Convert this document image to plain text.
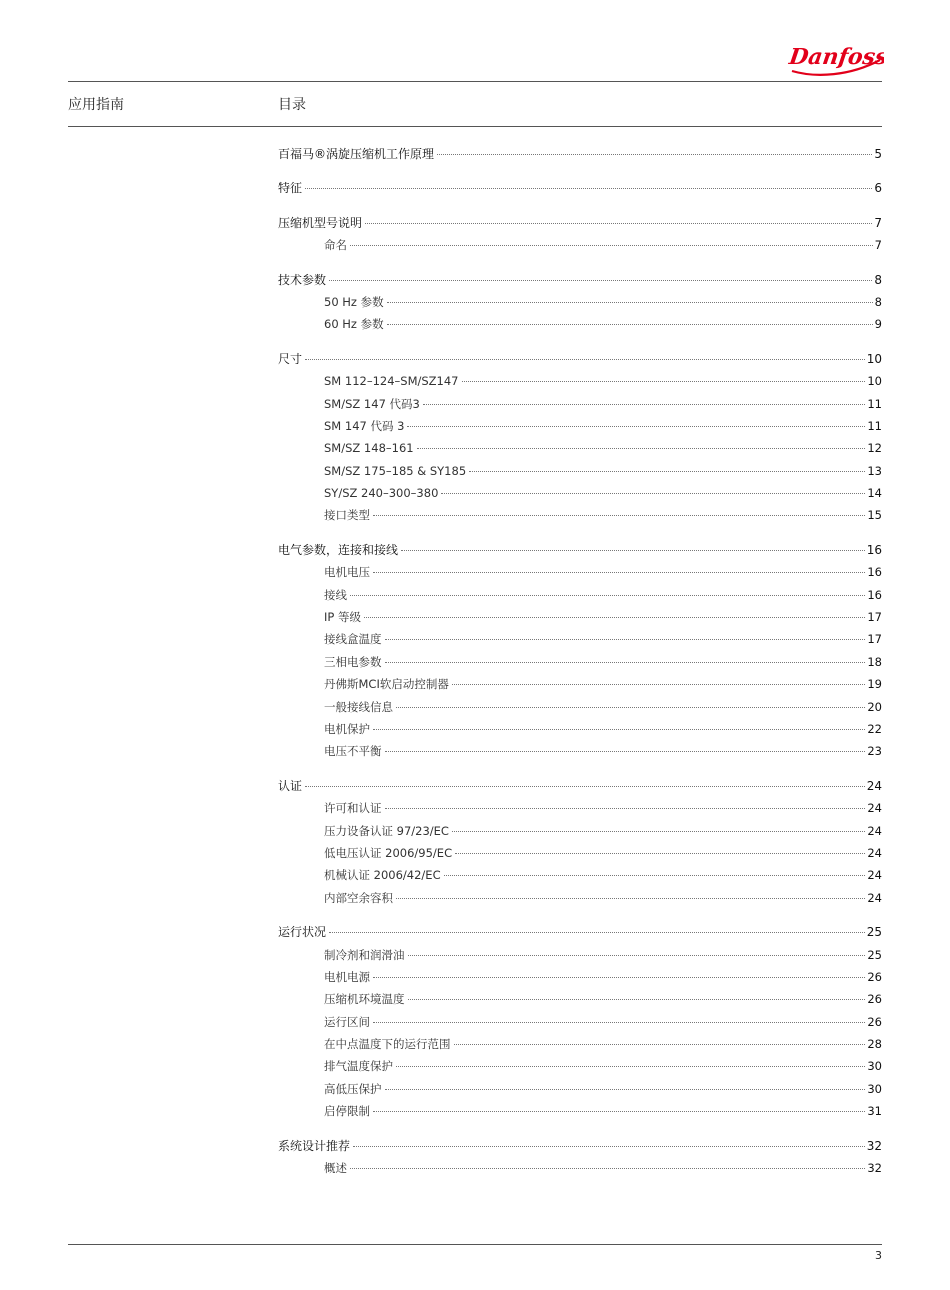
Danfoss
应用指南	目录
百福马®涡旋压缩机工作原理	5
特征	6
压缩机型号说明	7
命名	7
技术参数	8
50 Hz 参数	8
60 Hz 参数	9
尺寸	10
SM 112–124–SM/SZ147	10
SM/SZ 147 代码3	11
SM 147 代码 3	11
SM/SZ 148–161	12
SM/SZ 175–185 & SY185	13
SY/SZ 240–300–380	14
接口类型	15
电气参数，连接和接线	16
电机电压	16
接线	16
IP 等级	17
接线盒温度	17
三相电参数	18
丹佛斯MCI软启动控制器	19
一般接线信息	20
电机保护	22
电压不平衡	23
认证	24
许可和认证	24
压力设备认证 97/23/EC	24
低电压认证 2006/95/EC	24
机械认证 2006/42/EC	24
内部空余容积	24
运行状况	25
制冷剂和润滑油	25
电机电源	26
压缩机环境温度	26
运行区间	26
在中点温度下的运行范围	28
排气温度保护	30
高低压保护	30
启停限制	31
系统设计推荐	32
概述	32
3
